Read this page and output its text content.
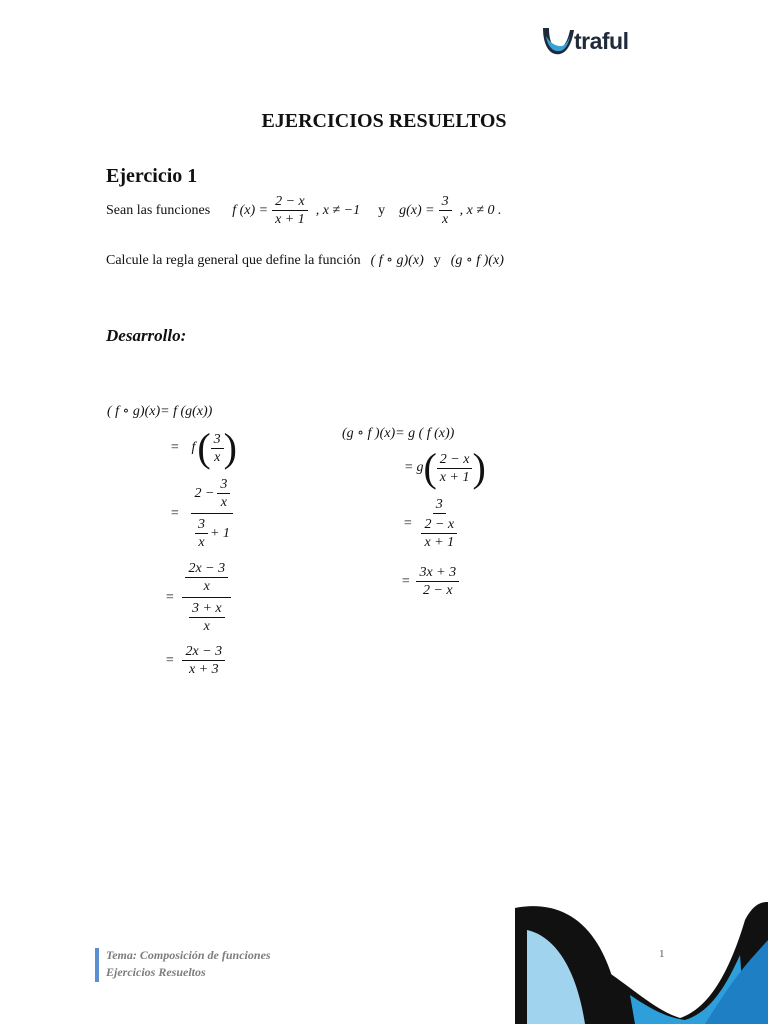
traful
EJERCICIOS RESUELTOS
Ejercicio 1
Sean las funciones f $(x) = \frac{2 - x}{x + 1}$ , x ≠ −1 y $g(x) = \frac{3}{x}$ , x ≠ 0 .
Calcule la regla general que define la función ( f ∘ g)(x) y (g ∘ f )(x)
Desarrollo:
( f ∘ g)(x)= f (g(x))
= f ( $\frac{3}{x}$ )
= $\frac{2 - \frac{3}{x}}{\frac{3}{x} + 1}$
= $\frac{\frac{2x - 3}{x}}{\frac{3 + x}{x}}$
= $\frac{2x - 3}{x + 3}$
(g ∘ f )(x)= g ( f (x))
= g ( $\frac{2 - x}{x + 1}$ )
= $\frac{3}{\frac{2 - x}{x + 1}}$
= $\frac{3x + 3}{2 - x}$
Tema: Composición de funciones
Ejercicios Resueltos
1
